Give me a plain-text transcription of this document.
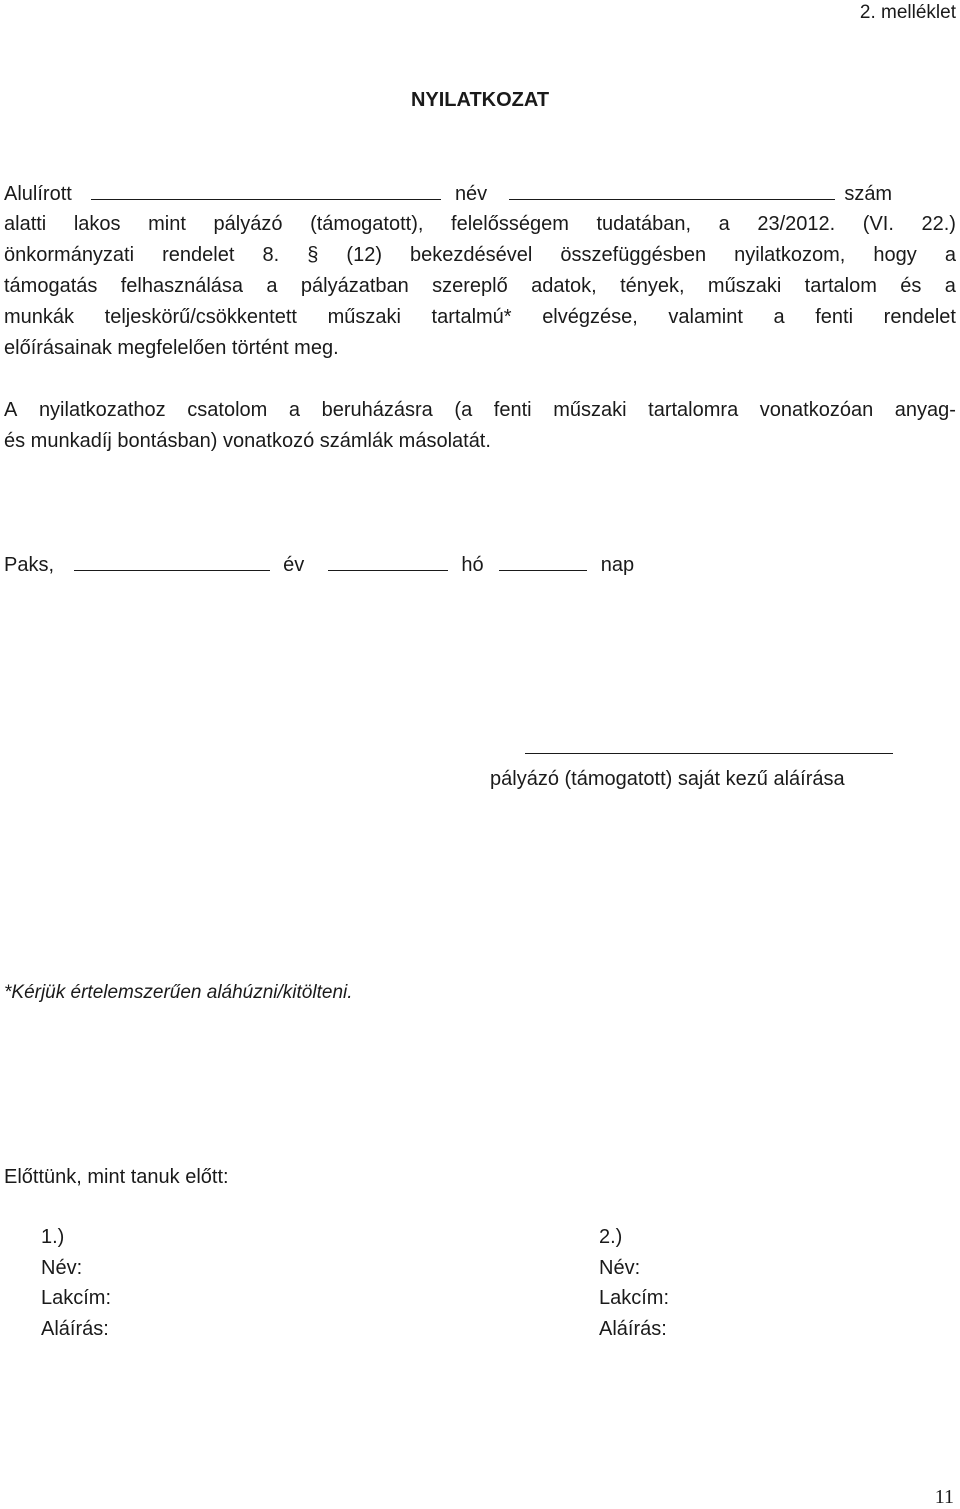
2. melléklet
NYILATKOZAT
Alulírott	név	szám
alatti lakos mint pályázó (támogatott), felelősségem tudatában, a 23/2012. (VI. 22.)
önkormányzati rendelet 8. § (12) bekezdésével összefüggésben nyilatkozom, hogy a
támogatás felhasználása a pályázatban szereplő adatok, tények, műszaki tartalom és a
munkák teljeskörű/csökkentett műszaki tartalmú* elvégzése, valamint a fenti rendelet
előírásainak megfelelően történt meg.
A nyilatkozathoz csatolom a beruházásra (a fenti műszaki tartalomra vonatkozóan anyag-
és munkadíj bontásban) vonatkozó számlák másolatát.
Paks,	év	hó	nap
pályázó (támogatott) saját kezű aláírása
*Kérjük értelemszerűen aláhúzni/kitölteni.
Előttünk, mint tanuk előtt:
1.)
Név:
Lakcím:
Aláírás:
2.)
Név:
Lakcím:
Aláírás:
11
